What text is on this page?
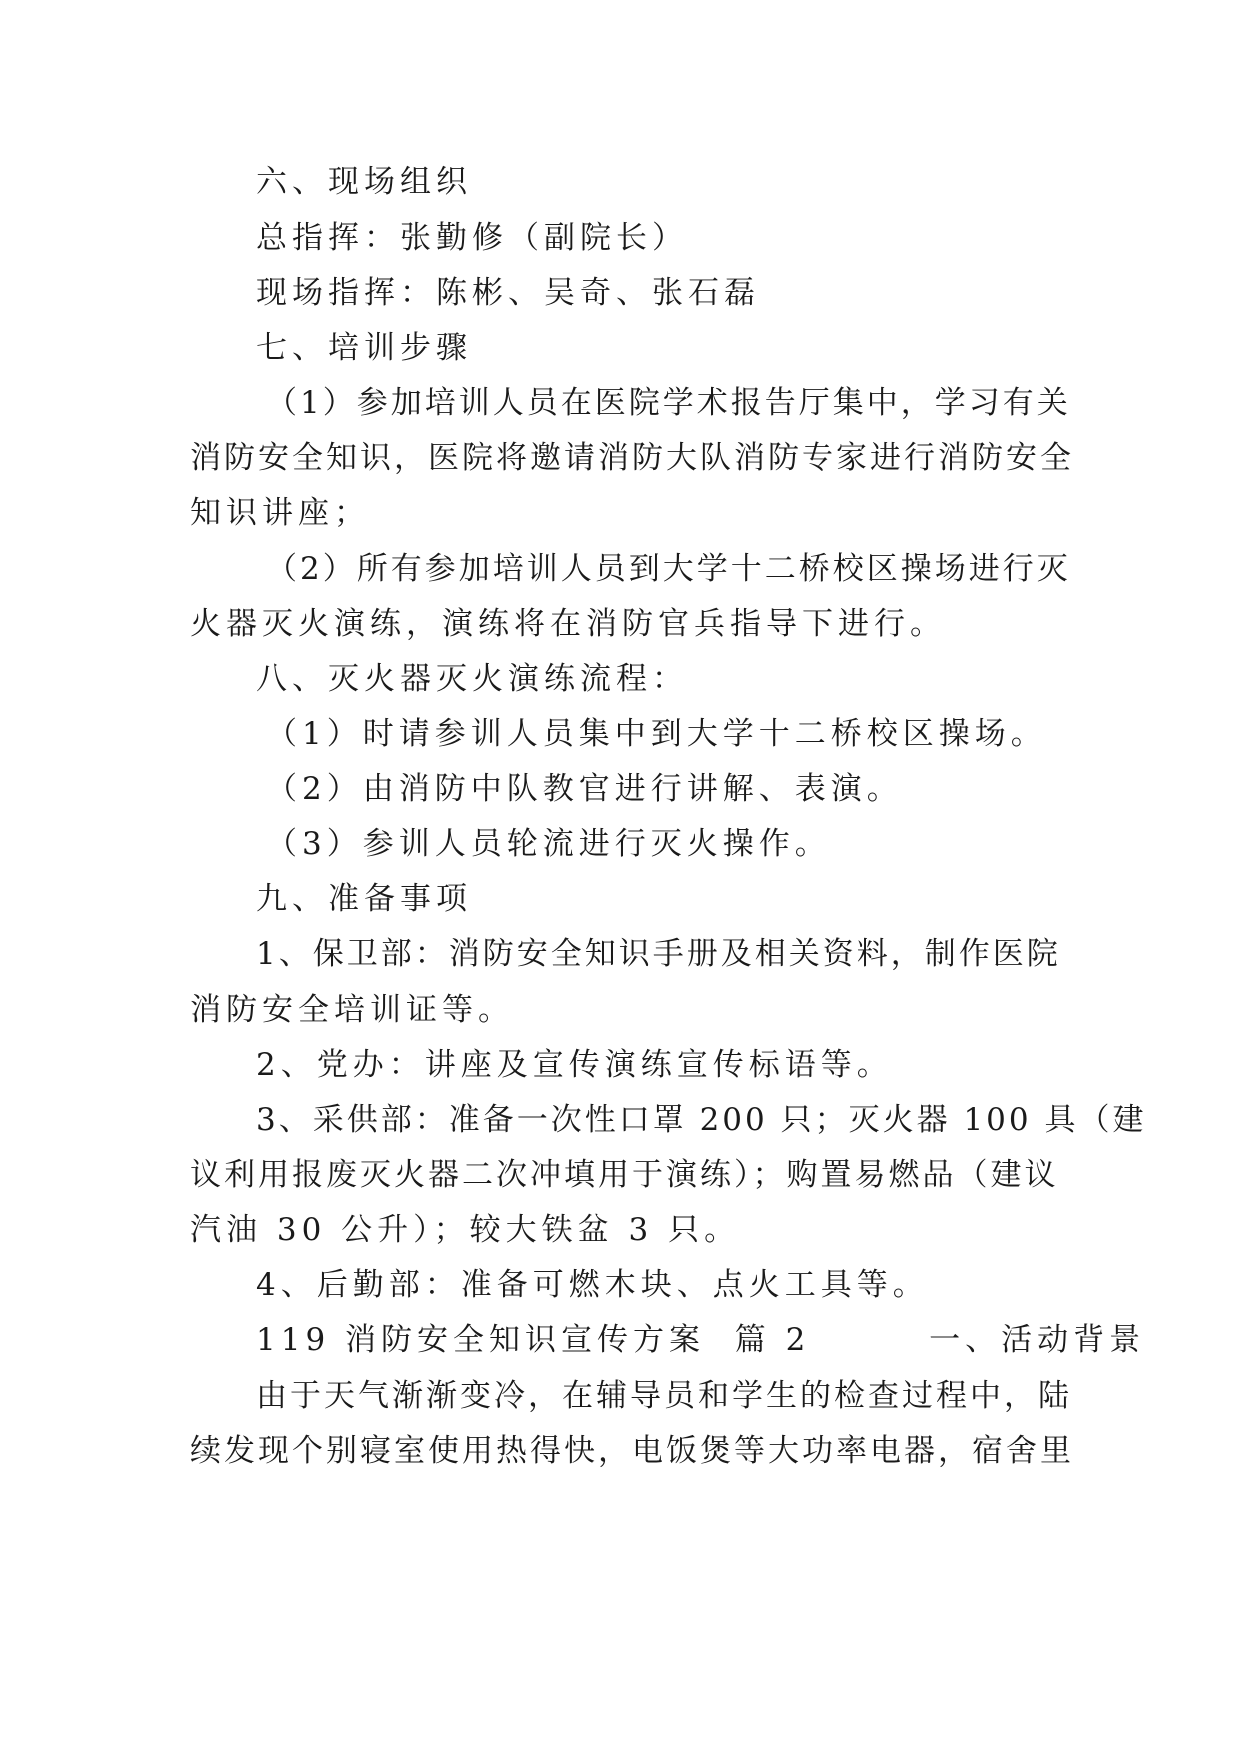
六、现场组织
总指挥：张勤修（副院长）
现场指挥：陈彬、吴奇、张石磊
七、培训步骤
（1）参加培训人员在医院学术报告厅集中，学习有关
消防安全知识，医院将邀请消防大队消防专家进行消防安全
知识讲座；
（2）所有参加培训人员到大学十二桥校区操场进行灭
火器灭火演练，演练将在消防官兵指导下进行。
八、灭火器灭火演练流程：
（1）时请参训人员集中到大学十二桥校区操场。
（2）由消防中队教官进行讲解、表演。
（3）参训人员轮流进行灭火操作。
九、准备事项
1、保卫部：消防安全知识手册及相关资料，制作医院
消防安全培训证等。
2、党办：讲座及宣传演练宣传标语等。
3、采供部：准备一次性口罩 200 只；灭火器 100 具（建
议利用报废灭火器二次冲填用于演练）；购置易燃品（建议
汽油 30 公升）；较大铁盆 3 只。
4、后勤部：准备可燃木块、点火工具等。
119 消防安全知识宣传方案  篇 2        一、活动背景
由于天气渐渐变冷，在辅导员和学生的检查过程中，陆
续发现个别寝室使用热得快，电饭煲等大功率电器，宿舍里
